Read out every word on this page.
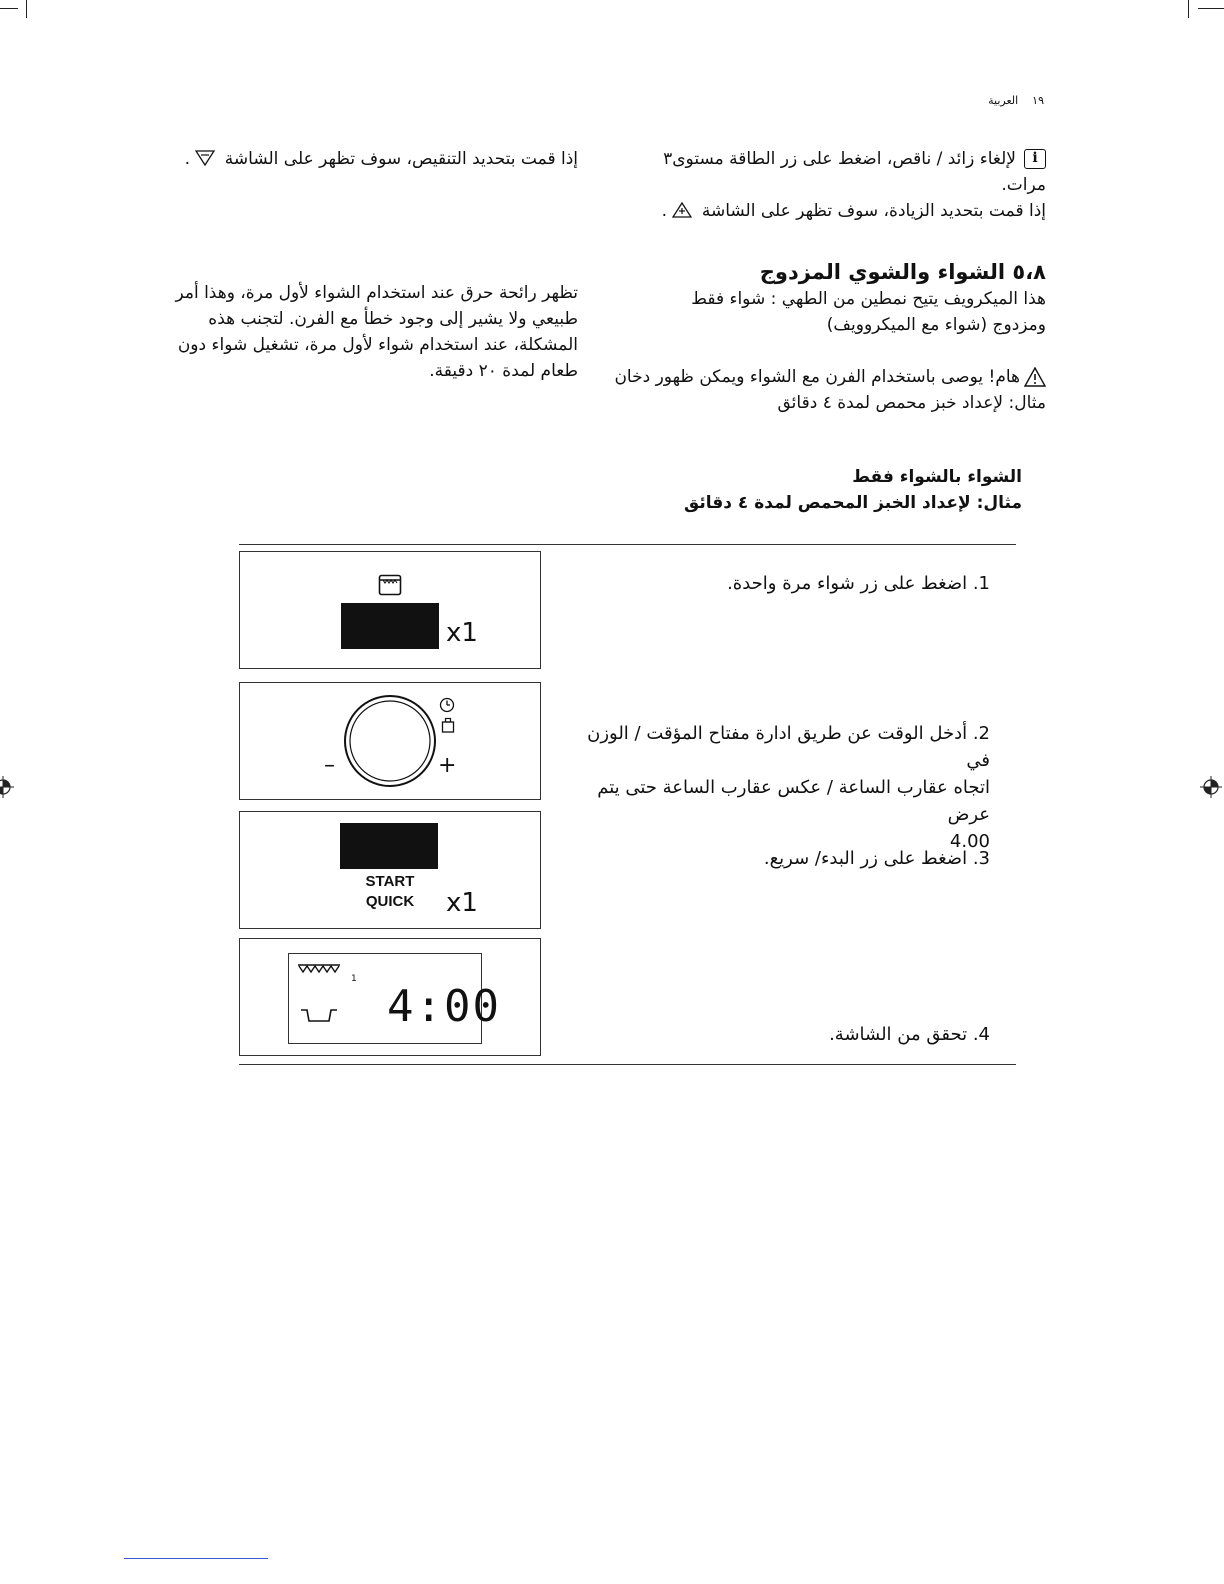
١٩    العربية
i
لإلغاء زائد / ناقص، اضغط على زر الطاقة مستوى٣
مرات.
إذا قمت بتحديد الزيادة، سوف تظهر على الشاشة  .
٥،٨ الشواء والشوي المزدوج
هذا الميكرويف يتيح نمطين من الطهي : شواء فقط
ومزدوج (شواء مع الميكروويف)
هام! يوصى باستخدام الفرن مع الشواء ويمكن ظهور دخان
مثال: لإعداد خبز محمص لمدة ٤ دقائق
إذا قمت بتحديد التنقيص، سوف تظهر على الشاشة  .
تظهر رائحة حرق عند استخدام الشواء لأول مرة، وهذا أمر
طبيعي ولا يشير إلى وجود خطأ مع الفرن. لتجنب هذه
المشكلة، عند استخدام شواء لأول مرة، تشغيل شواء دون
طعام لمدة ٢٠ دقيقة.
الشواء بالشواء فقط
مثال: لإعداد الخبز المحمص لمدة ٤ دقائق
x1
–	+
START
QUICK	x1
1
4:00
1. اضغط على زر شواء مرة واحدة.
2. أدخل الوقت عن طريق ادارة مفتاح المؤقت / الوزن في
اتجاه عقارب الساعة / عكس عقارب الساعة حتى يتم عرض
4.00
3. اضغط على زر البدء/ سريع.
4. تحقق من الشاشة.
